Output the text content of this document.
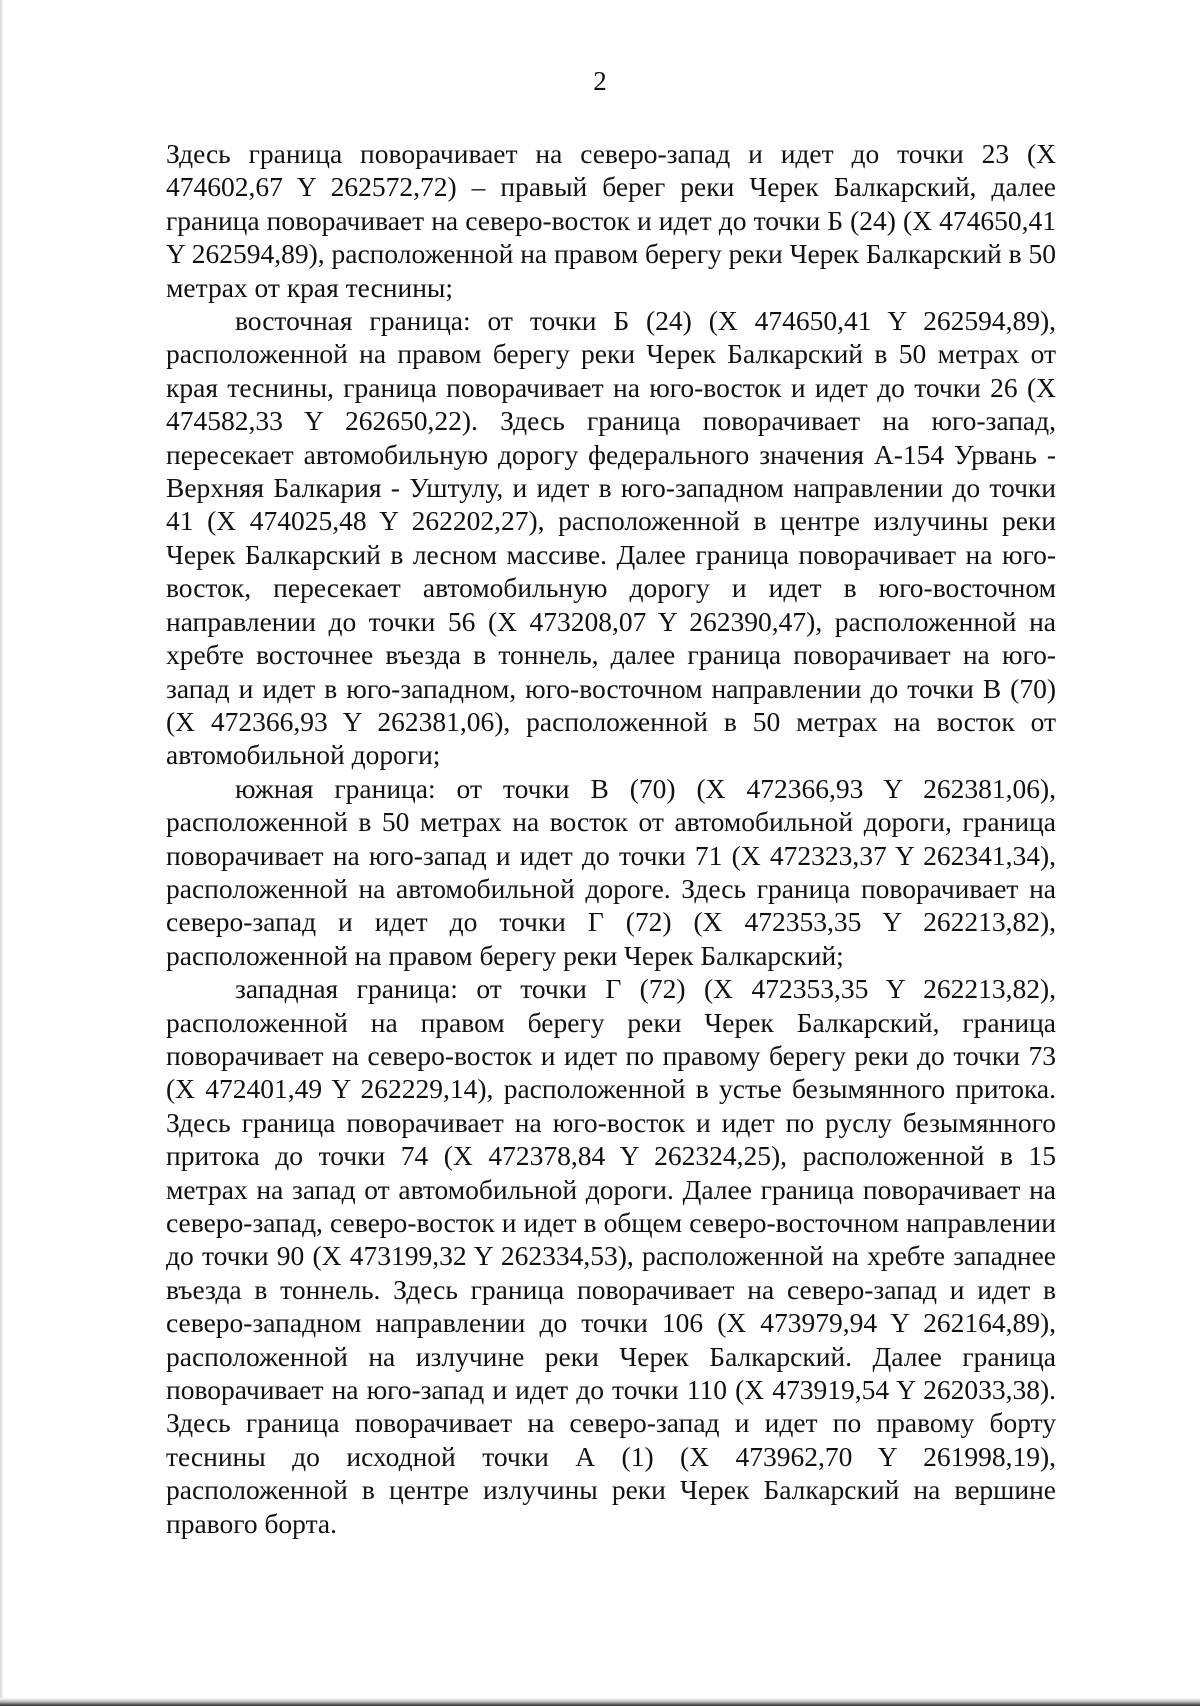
2

Здесь граница поворачивает на северо-запад и идет до точки 23 (X 474602,67 Y 262572,72) – правый берег реки Черек Балкарский, далее граница поворачивает на северо-восток и идет до точки Б (24) (X 474650,41 Y 262594,89), расположенной на правом берегу реки Черек Балкарский в 50 метрах от края теснины;

восточная граница: от точки Б (24) (X 474650,41 Y 262594,89), расположенной на правом берегу реки Черек Балкарский в 50 метрах от края теснины, граница поворачивает на юго-восток и идет до точки 26 (X 474582,33 Y 262650,22). Здесь граница поворачивает на юго-запад, пересекает автомобильную дорогу федерального значения А-154 Урвань - Верхняя Балкария - Уштулу, и идет в юго-западном направлении до точки 41 (X 474025,48 Y 262202,27), расположенной в центре излучины реки Черек Балкарский в лесном массиве. Далее граница поворачивает на юго-восток, пересекает автомобильную дорогу и идет в юго-восточном направлении до точки 56 (X 473208,07 Y 262390,47), расположенной на хребте восточнее въезда в тоннель, далее граница поворачивает на юго-запад и идет в юго-западном, юго-восточном направлении до точки В (70) (X 472366,93 Y 262381,06), расположенной в 50 метрах на восток от автомобильной дороги;

южная граница: от точки В (70) (X 472366,93 Y 262381,06), расположенной в 50 метрах на восток от автомобильной дороги, граница поворачивает на юго-запад и идет до точки 71 (X 472323,37 Y 262341,34), расположенной на автомобильной дороге. Здесь граница поворачивает на северо-запад и идет до точки Г (72) (X 472353,35 Y 262213,82), расположенной на правом берегу реки Черек Балкарский;

западная граница: от точки Г (72) (X 472353,35 Y 262213,82), расположенной на правом берегу реки Черек Балкарский, граница поворачивает на северо-восток и идет по правому берегу реки до точки 73 (X 472401,49 Y 262229,14), расположенной в устье безымянного притока. Здесь граница поворачивает на юго-восток и идет по руслу безымянного притока до точки 74 (X 472378,84 Y 262324,25), расположенной в 15 метрах на запад от автомобильной дороги. Далее граница поворачивает на северо-запад, северо-восток и идет в общем северо-восточном направлении до точки 90 (X 473199,32 Y 262334,53), расположенной на хребте западнее въезда в тоннель. Здесь граница поворачивает на северо-запад и идет в северо-западном направлении до точки 106 (X 473979,94 Y 262164,89), расположенной на излучине реки Черек Балкарский. Далее граница поворачивает на юго-запад и идет до точки 110 (X 473919,54 Y 262033,38). Здесь граница поворачивает на северо-запад и идет по правому борту теснины до исходной точки А (1) (X 473962,70 Y 261998,19), расположенной в центре излучины реки Черек Балкарский на вершине правого борта.
